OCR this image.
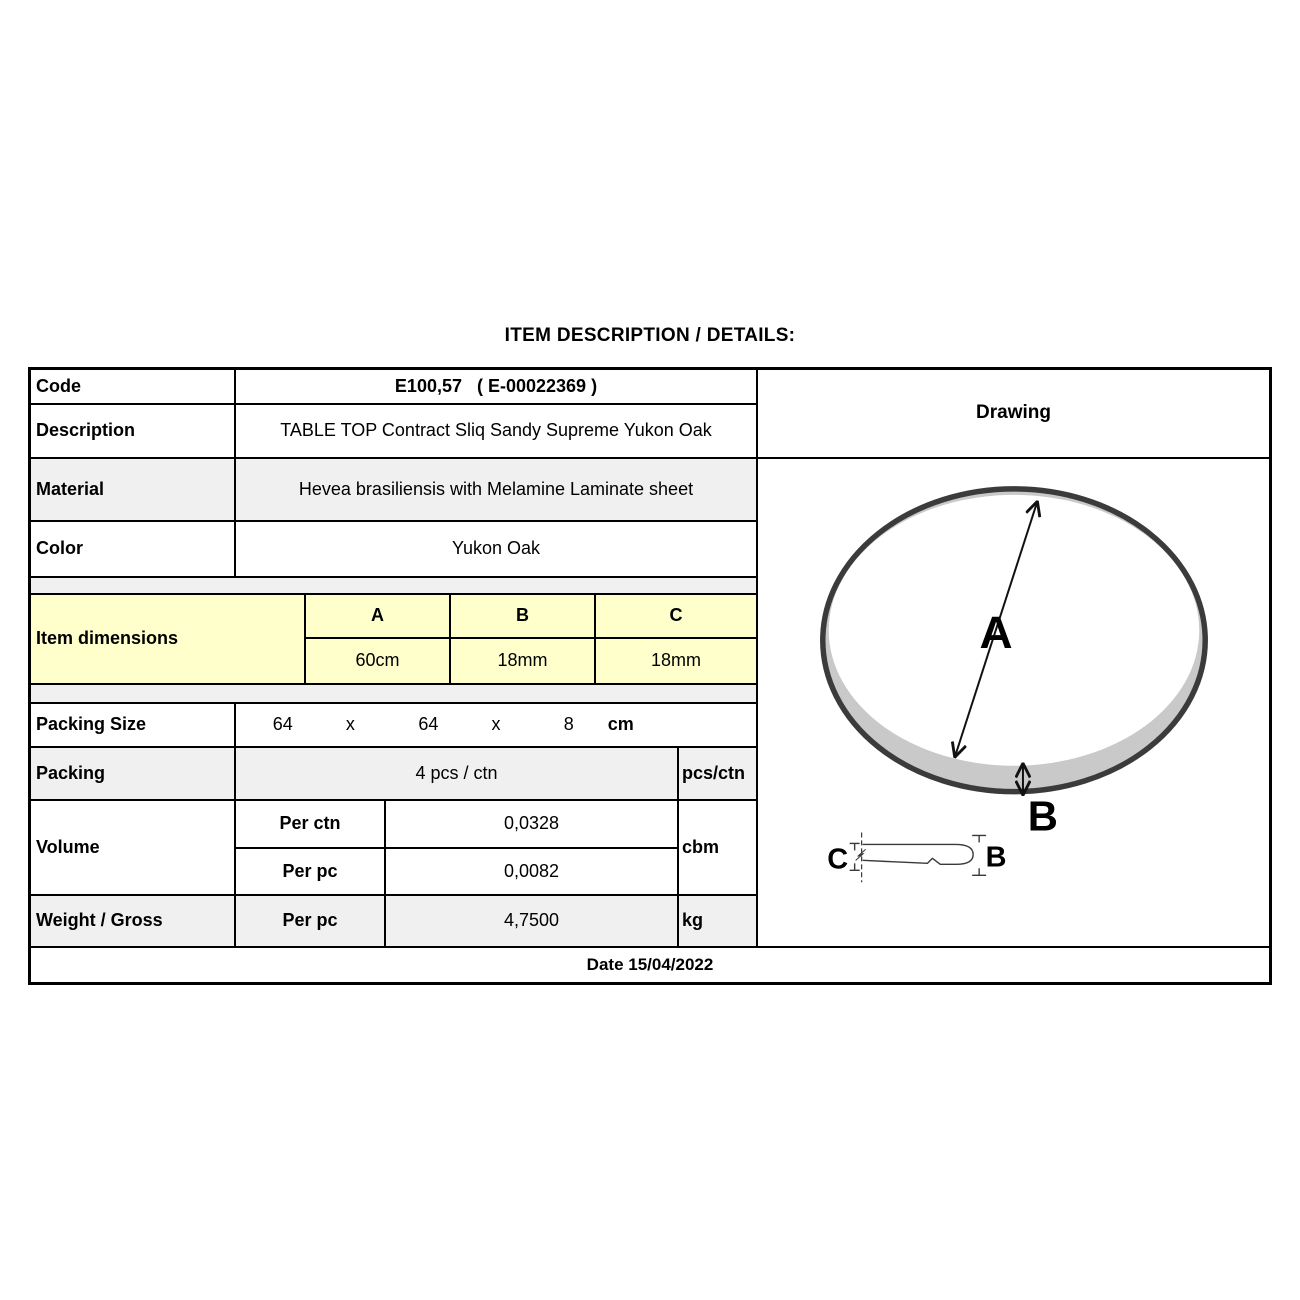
ITEM DESCRIPTION / DETAILS:
Code	E100,57   ( E-00022369 )
Description	TABLE TOP Contract Sliq Sandy Supreme Yukon Oak
Material	Hevea brasiliensis with Melamine Laminate sheet
Color	Yukon Oak
Item dimensions
A	B	C
60cm	18mm	18mm
Packing Size	64	x	64	x	8 cm
Packing	4 pcs / ctn	pcs/ctn
Volume
Per ctn	0,0328
Per pc	0,0082
cbm
Weight / Gross	Per pc	4,7500	kg
Date 15/04/2022
Drawing
A
B
C	B
